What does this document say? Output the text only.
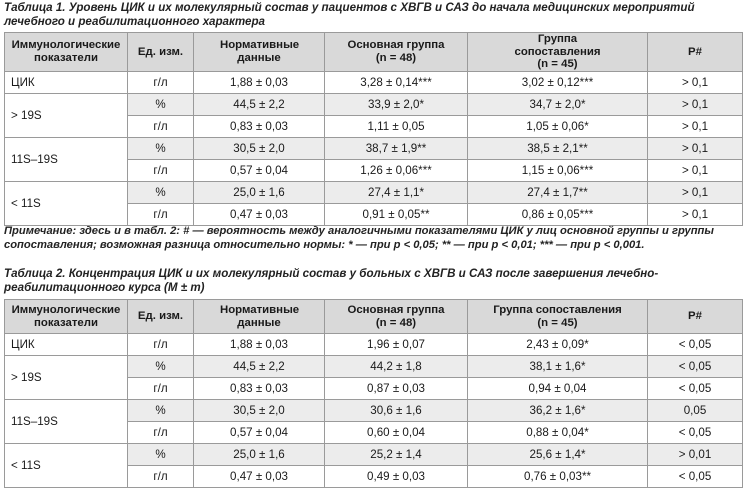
Таблица 1. Уровень ЦИК и их молекулярный состав у пациентов с ХВГВ и САЗ до начала медицинских мероприятий лечебного и реабилитационного характера
Иммунологические показатели	Ед. изм.	Нормативные данные	Основная группа (n = 48)	Группа сопоставления (n = 45)	P#
ЦИК	г/л	1,88 ± 0,03	3,28 ± 0,14***	3,02 ± 0,12***	> 0,1
> 19S	%	44,5 ± 2,2	33,9 ± 2,0*	34,7 ± 2,0*	> 0,1
	г/л	0,83 ± 0,03	1,11 ± 0,05	1,05 ± 0,06*	> 0,1
11S–19S	%	30,5 ± 2,0	38,7 ± 1,9**	38,5 ± 2,1**	> 0,1
	г/л	0,57 ± 0,04	1,26 ± 0,06***	1,15 ± 0,06***	> 0,1
< 11S	%	25,0 ± 1,6	27,4 ± 1,1*	27,4 ± 1,7**	> 0,1
	г/л	0,47 ± 0,03	0,91 ± 0,05**	0,86 ± 0,05***	> 0,1
Примечание: здесь и в табл. 2: # — вероятность между аналогичными показателями ЦИК у лиц основной группы и группы сопоставления; возможная разница относительно нормы: * — при р < 0,05; ** — при р < 0,01; *** — при р < 0,001.
Таблица 2. Концентрация ЦИК и их молекулярный состав у больных с ХВГВ и САЗ после завершения лечебно-реабилитационного курса (M ± m)
Иммунологические показатели	Ед. изм.	Нормативные данные	Основная группа (n = 48)	Группа сопоставления (n = 45)	P#
ЦИК	г/л	1,88 ± 0,03	1,96 ± 0,07	2,43 ± 0,09*	< 0,05
> 19S	%	44,5 ± 2,2	44,2 ± 1,8	38,1 ± 1,6*	< 0,05
	г/л	0,83 ± 0,03	0,87 ± 0,03	0,94 ± 0,04	< 0,05
11S–19S	%	30,5 ± 2,0	30,6 ± 1,6	36,2 ± 1,6*	0,05
	г/л	0,57 ± 0,04	0,60 ± 0,04	0,88 ± 0,04*	< 0,05
< 11S	%	25,0 ± 1,6	25,2 ± 1,4	25,6 ± 1,4*	> 0,01
	г/л	0,47 ± 0,03	0,49 ± 0,03	0,76 ± 0,03**	< 0,05
